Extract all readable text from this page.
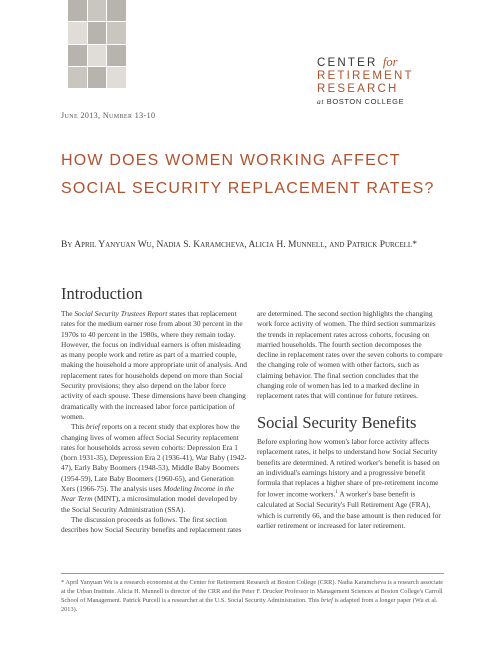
CENTER for
RETIREMENT
RESEARCH
at BOSTON COLLEGE
June 2013, Number 13-10
HOW DOES WOMEN WORKING AFFECT
SOCIAL SECURITY REPLACEMENT RATES?
By April Yanyuan Wu, Nadia S. Karamcheva, Alicia H. Munnell, and Patrick Purcell*
Introduction

The Social Security Trustees Report states that replacement rates for the medium earner rose from about 30 percent in the 1970s to 40 percent in the 1980s, where they remain today. However, the focus on individual earners is often misleading as many people work and retire as part of a married couple, making the household a more appropriate unit of analysis. And replacement rates for households depend on more than Social Security provisions; they also depend on the labor force activity of each spouse. These dimensions have been changing dramatically with the increased labor force participation of women.

This brief reports on a recent study that explores how the changing lives of women affect Social Security replacement rates for households across seven cohorts: Depression Era 1 (born 1931-35), Depression Era 2 (1936-41), War Baby (1942-47), Early Baby Boomers (1948-53), Middle Baby Boomers (1954-59), Late Baby Boomers (1960-65), and Generation Xers (1966-75). The analysis uses Modeling Income in the Near Term (MINT), a microsimulation model developed by the Social Security Administration (SSA).

The discussion proceeds as follows. The first section describes how Social Security benefits and replacement rates

Social Security Benefits

Before exploring how women's labor force activity affects replacement rates, it helps to understand how Social Security benefits are determined. A retired worker's benefit is based on an individual's earnings history and a progressive benefit formula that replaces a higher share of pre-retirement income for lower income workers.$^1$ A worker's base benefit is calculated at Social Security's Full Retirement Age (FRA), which is currently 66, and the base amount is then reduced for earlier retirement or increased for later retirement.

* April Yanyuan Wu is a research economist at the Center for Retirement Research at Boston College (CRR). Nadia Karamcheva is a research associate at the Urban Institute. Alicia H. Munnell is director of the CRR and the Peter F. Drucker Professor in Management Sciences at Boston College's Carroll School of Management. Patrick Purcell is a researcher at the U.S. Social Security Administration. This brief is adapted from a longer paper (Wu et al. 2013).

are determined. The second section highlights the changing work force activity of women. The third section summarizes the trends in replacement rates across cohorts, focusing on married households. The fourth section decomposes the decline in replacement rates over the seven cohorts to compare the changing role of women with other factors, such as claiming behavior. The final section concludes that the changing role of women has led to a marked decline in replacement rates that will continue for future retirees.
